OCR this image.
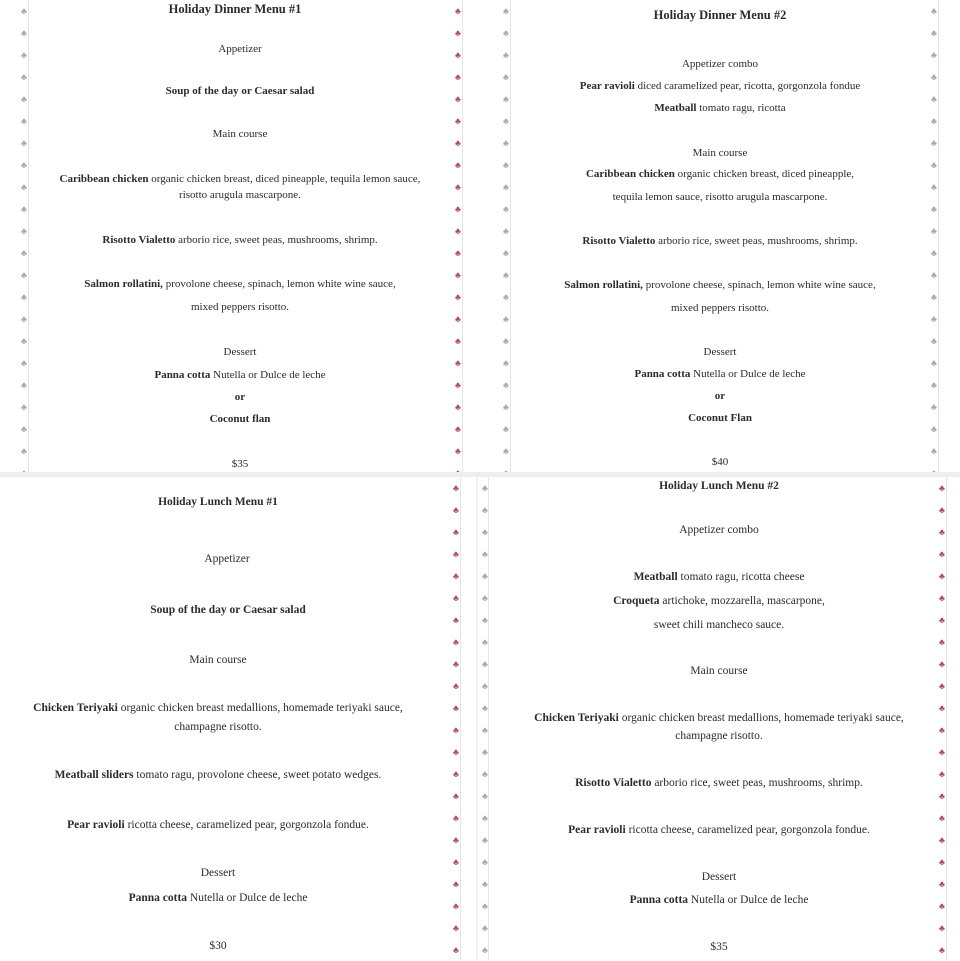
♣
♣
♣
♣
♣
♣
♣
♣
♣
♣
♣
♣
♣
♣
♣
♣
♣
♣
♣
♣
♣

♣
♣
♣
♣
♣
♣
♣
♣
♣
♣
♣
♣
♣
♣
♣
♣
♣
♣
♣
♣
♣

Holiday Dinner Menu #1
Appetizer
Soup of the day or Caesar salad
Main course
Caribbean chicken organic chicken breast, diced pineapple, tequila lemon sauce,
risotto arugula mascarpone.
Risotto Vialetto arborio rice, sweet peas, mushrooms, shrimp.
Salmon rollatini, provolone cheese, spinach, lemon white wine sauce,
mixed peppers risotto.
Dessert
Panna cotta Nutella or Dulce de leche
or
Coconut flan
$35
♣
♣
♣
♣
♣
♣
♣
♣
♣
♣
♣
♣
♣
♣
♣
♣
♣
♣
♣
♣
♣

♣
♣
♣
♣
♣
♣
♣
♣
♣
♣
♣
♣
♣
♣
♣
♣
♣
♣
♣
♣
♣

Holiday Dinner Menu #2
Appetizer combo
Pear ravioli diced caramelized pear, ricotta, gorgonzola fondue
Meatball tomato ragu, ricotta
Main course
Caribbean chicken organic chicken breast, diced pineapple,
tequila lemon sauce, risotto arugula mascarpone.
Risotto Vialetto arborio rice, sweet peas, mushrooms, shrimp.
Salmon rollatini, provolone cheese, spinach, lemon white wine sauce,
mixed peppers risotto.
Dessert
Panna cotta Nutella or Dulce de leche
or
Coconut Flan
$40
♣
♣
♣
♣
♣
♣
♣
♣
♣
♣
♣
♣
♣
♣
♣
♣
♣
♣
♣
♣
♣
♣
Holiday Lunch Menu #1
Appetizer
Soup of the day or Caesar salad
Main course
Chicken Teriyaki organic chicken breast medallions, homemade teriyaki sauce,
champagne risotto.
Meatball sliders tomato ragu, provolone cheese, sweet potato wedges.
Pear ravioli ricotta cheese, caramelized pear, gorgonzola fondue.
Dessert
Panna cotta Nutella or Dulce de leche
$30
♣
♣
♣
♣
♣
♣
♣
♣
♣
♣
♣
♣
♣
♣
♣
♣
♣
♣
♣
♣
♣
♣
♣
♣
♣
♣
♣
♣
♣
♣
♣
♣
♣
♣
♣
♣
♣
♣
♣
♣
♣
♣
♣
♣
Holiday Lunch Menu #2
Appetizer combo
Meatball tomato ragu, ricotta cheese
Croqueta artichoke, mozzarella, mascarpone,
sweet chili mancheco sauce.
Main course
Chicken Teriyaki organic chicken breast medallions, homemade teriyaki sauce,
champagne risotto.
Risotto Vialetto arborio rice, sweet peas, mushrooms, shrimp.
Pear ravioli ricotta cheese, caramelized pear, gorgonzola fondue.
Dessert
Panna cotta Nutella or Dulce de leche
$35
